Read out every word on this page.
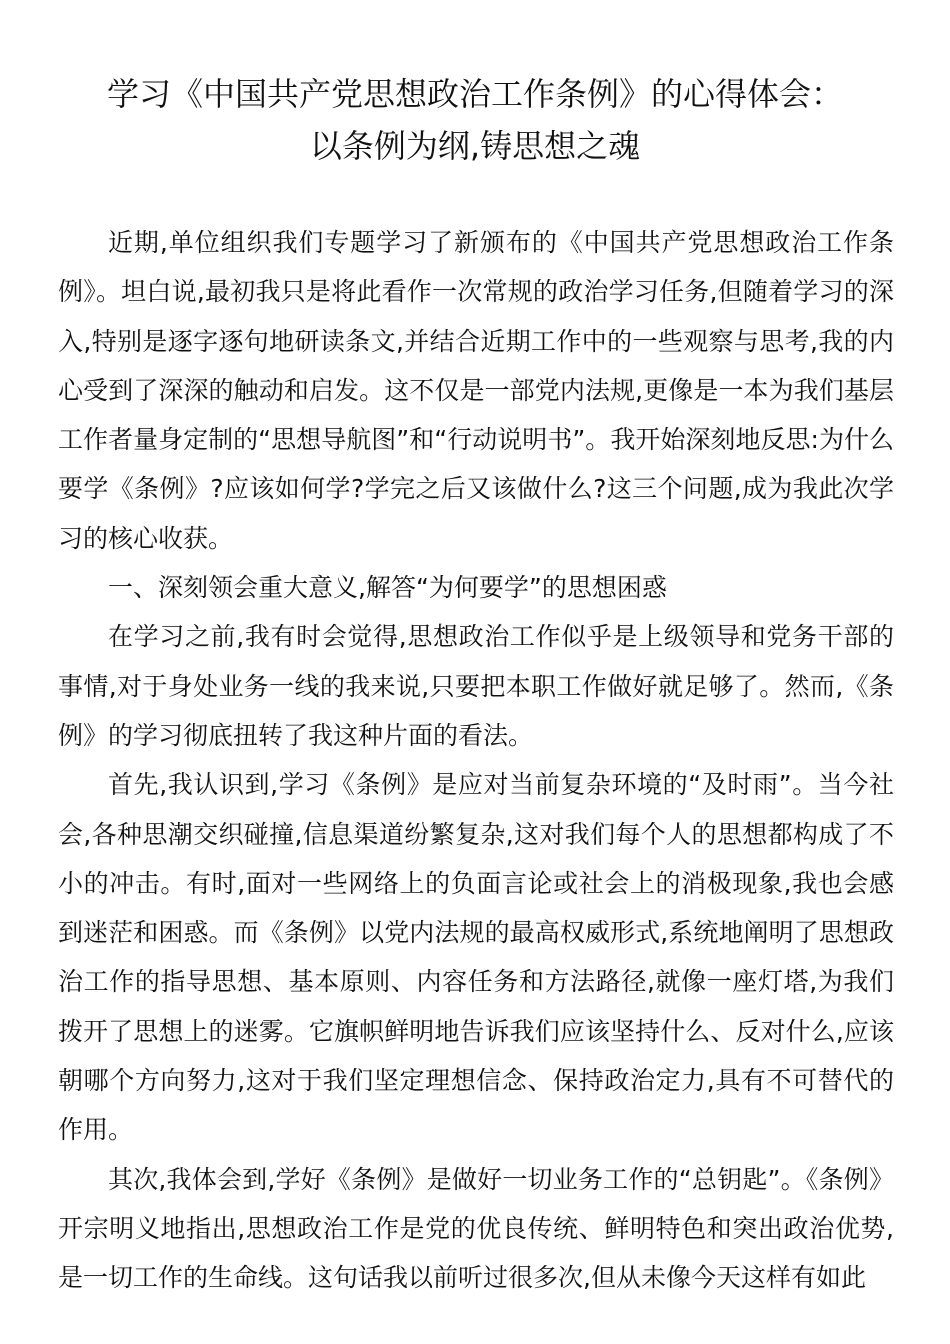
学习《中国共产党思想政治工作条例》的心得体会：
以条例为纲,铸思想之魂

近期,单位组织我们专题学习了新颁布的《中国共产党思想政治工作条例》。坦白说,最初我只是将此看作一次常规的政治学习任务,但随着学习的深入,特别是逐字逐句地研读条文,并结合近期工作中的一些观察与思考,我的内心受到了深深的触动和启发。这不仅是一部党内法规,更像是一本为我们基层工作者量身定制的“思想导航图”和“行动说明书”。我开始深刻地反思:为什么要学《条例》?应该如何学?学完之后又该做什么?这三个问题,成为我此次学习的核心收获。

一、深刻领会重大意义,解答“为何要学”的思想困惑

在学习之前,我有时会觉得,思想政治工作似乎是上级领导和党务干部的事情,对于身处业务一线的我来说,只要把本职工作做好就足够了。然而,《条例》的学习彻底扭转了我这种片面的看法。

首先,我认识到,学习《条例》是应对当前复杂环境的“及时雨”。当今社会,各种思潮交织碰撞,信息渠道纷繁复杂,这对我们每个人的思想都构成了不小的冲击。有时,面对一些网络上的负面言论或社会上的消极现象,我也会感到迷茫和困惑。而《条例》以党内法规的最高权威形式,系统地阐明了思想政治工作的指导思想、基本原则、内容任务和方法路径,就像一座灯塔,为我们拨开了思想上的迷雾。它旗帜鲜明地告诉我们应该坚持什么、反对什么,应该朝哪个方向努力,这对于我们坚定理想信念、保持政治定力,具有不可替代的作用。

其次,我体会到,学好《条例》是做好一切业务工作的“总钥匙”。《条例》开宗明义地指出,思想政治工作是党的优良传统、鲜明特色和突出政治优势,是一切工作的生命线。这句话我以前听过很多次,但从未像今天这样有如此
